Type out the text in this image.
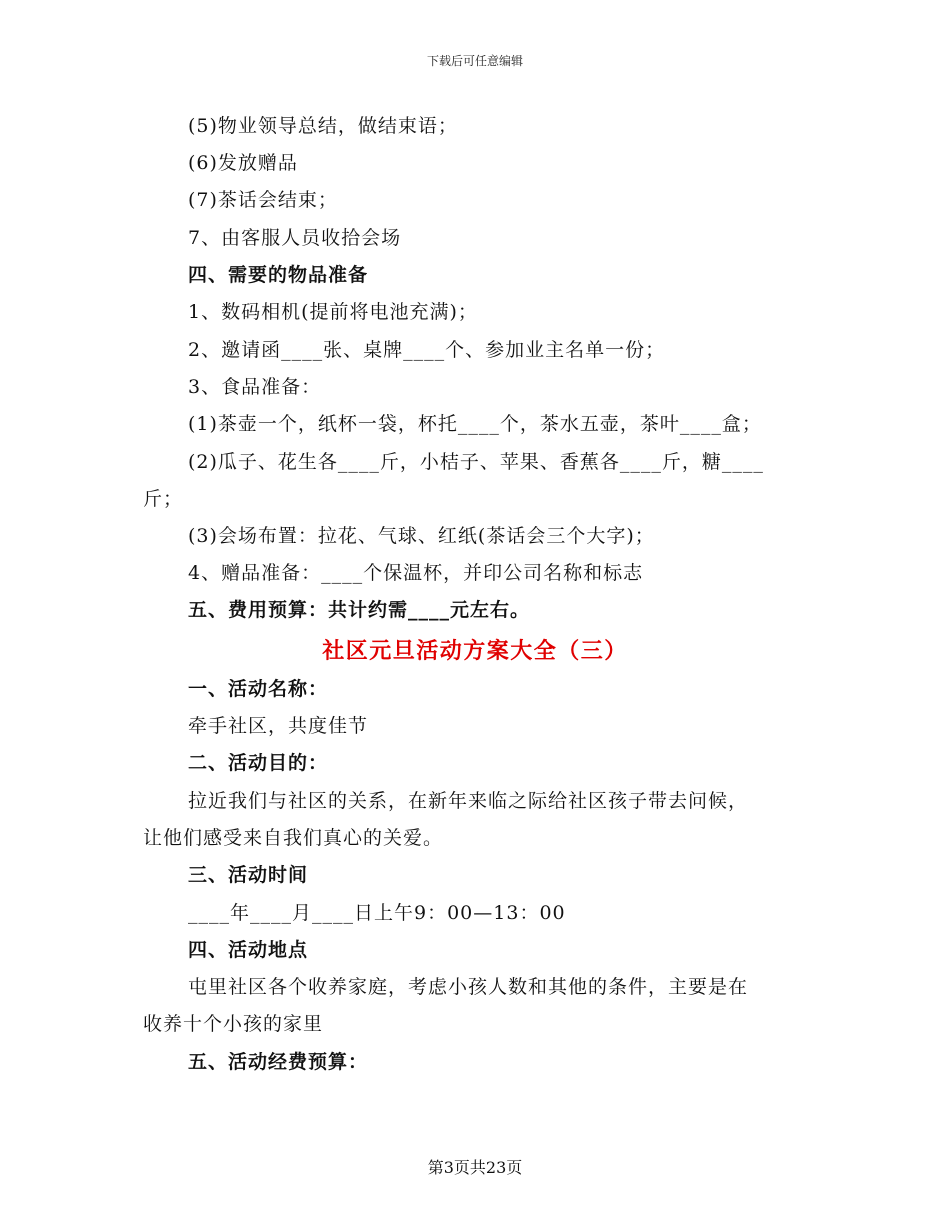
下载后可任意编辑
(5)物业领导总结，做结束语；
(6)发放赠品
(7)茶话会结束；
7、由客服人员收拾会场
四、需要的物品准备
1、数码相机(提前将电池充满)；
2、邀请函____张、桌牌____个、参加业主名单一份；
3、食品准备：
(1)茶壶一个，纸杯一袋，杯托____个，茶水五壶，茶叶____盒；
(2)瓜子、花生各____斤，小桔子、苹果、香蕉各____斤，糖____
斤；
(3)会场布置：拉花、气球、红纸(茶话会三个大字)；
4、赠品准备：____个保温杯，并印公司名称和标志
五、费用预算：共计约需____元左右。
社区元旦活动方案大全（三）
一、活动名称：
牵手社区，共度佳节
二、活动目的：
拉近我们与社区的关系，在新年来临之际给社区孩子带去问候，
让他们感受来自我们真心的关爱。
三、活动时间
____年____月____日上午9：00—13：00
四、活动地点
屯里社区各个收养家庭，考虑小孩人数和其他的条件，主要是在
收养十个小孩的家里
五、活动经费预算：
第3页共23页
